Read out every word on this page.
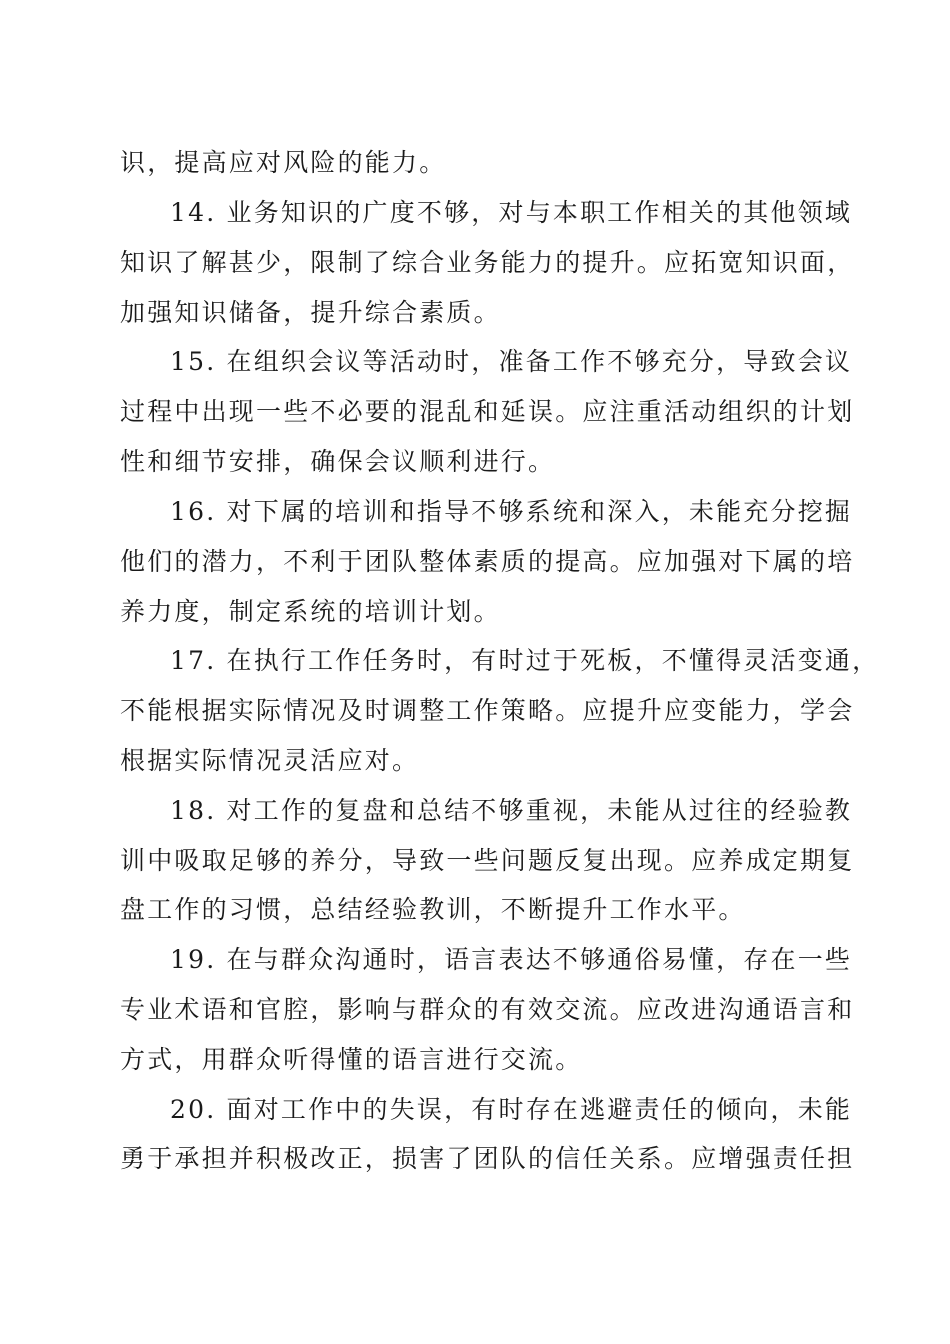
识，提高应对风险的能力。
14. 业务知识的广度不够，对与本职工作相关的其他领域
知识了解甚少，限制了综合业务能力的提升。应拓宽知识面，
加强知识储备，提升综合素质。
15. 在组织会议等活动时，准备工作不够充分，导致会议
过程中出现一些不必要的混乱和延误。应注重活动组织的计划
性和细节安排，确保会议顺利进行。
16. 对下属的培训和指导不够系统和深入，未能充分挖掘
他们的潜力，不利于团队整体素质的提高。应加强对下属的培
养力度，制定系统的培训计划。
17. 在执行工作任务时，有时过于死板，不懂得灵活变通，
不能根据实际情况及时调整工作策略。应提升应变能力，学会
根据实际情况灵活应对。
18. 对工作的复盘和总结不够重视，未能从过往的经验教
训中吸取足够的养分，导致一些问题反复出现。应养成定期复
盘工作的习惯，总结经验教训，不断提升工作水平。
19. 在与群众沟通时，语言表达不够通俗易懂，存在一些
专业术语和官腔，影响与群众的有效交流。应改进沟通语言和
方式，用群众听得懂的语言进行交流。
20. 面对工作中的失误，有时存在逃避责任的倾向，未能
勇于承担并积极改正，损害了团队的信任关系。应增强责任担
